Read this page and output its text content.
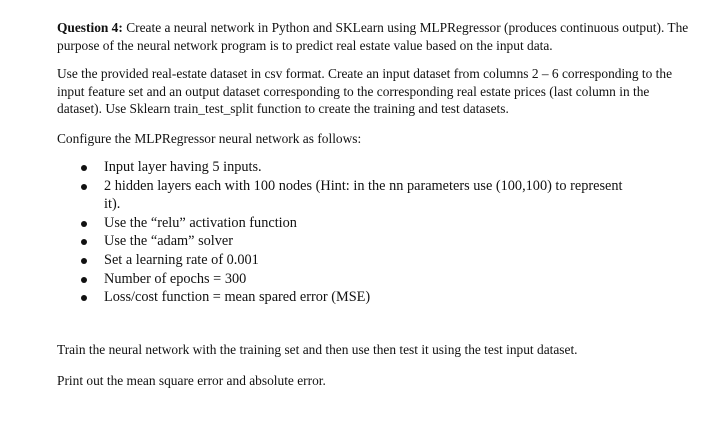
Question 4: Create a neural network in Python and SKLearn using MLPRegressor (produces continuous output). The purpose of the neural network program is to predict real estate value based on the input data.

Use the provided real-estate dataset in csv format. Create an input dataset from columns 2 – 6 corresponding to the input feature set and an output dataset corresponding to the corresponding real estate prices (last column in the dataset). Use Sklearn train_test_split function to create the training and test datasets.

Configure the MLPRegressor neural network as follows:

Input layer having 5 inputs.
2 hidden layers each with 100 nodes (Hint: in the nn parameters use (100,100) to represent it).
Use the “relu” activation function
Use the “adam” solver
Set a learning rate of 0.001
Number of epochs = 300
Loss/cost function = mean spared error (MSE)

Train the neural network with the training set and then use then test it using the test input dataset.

Print out the mean square error and absolute error.
